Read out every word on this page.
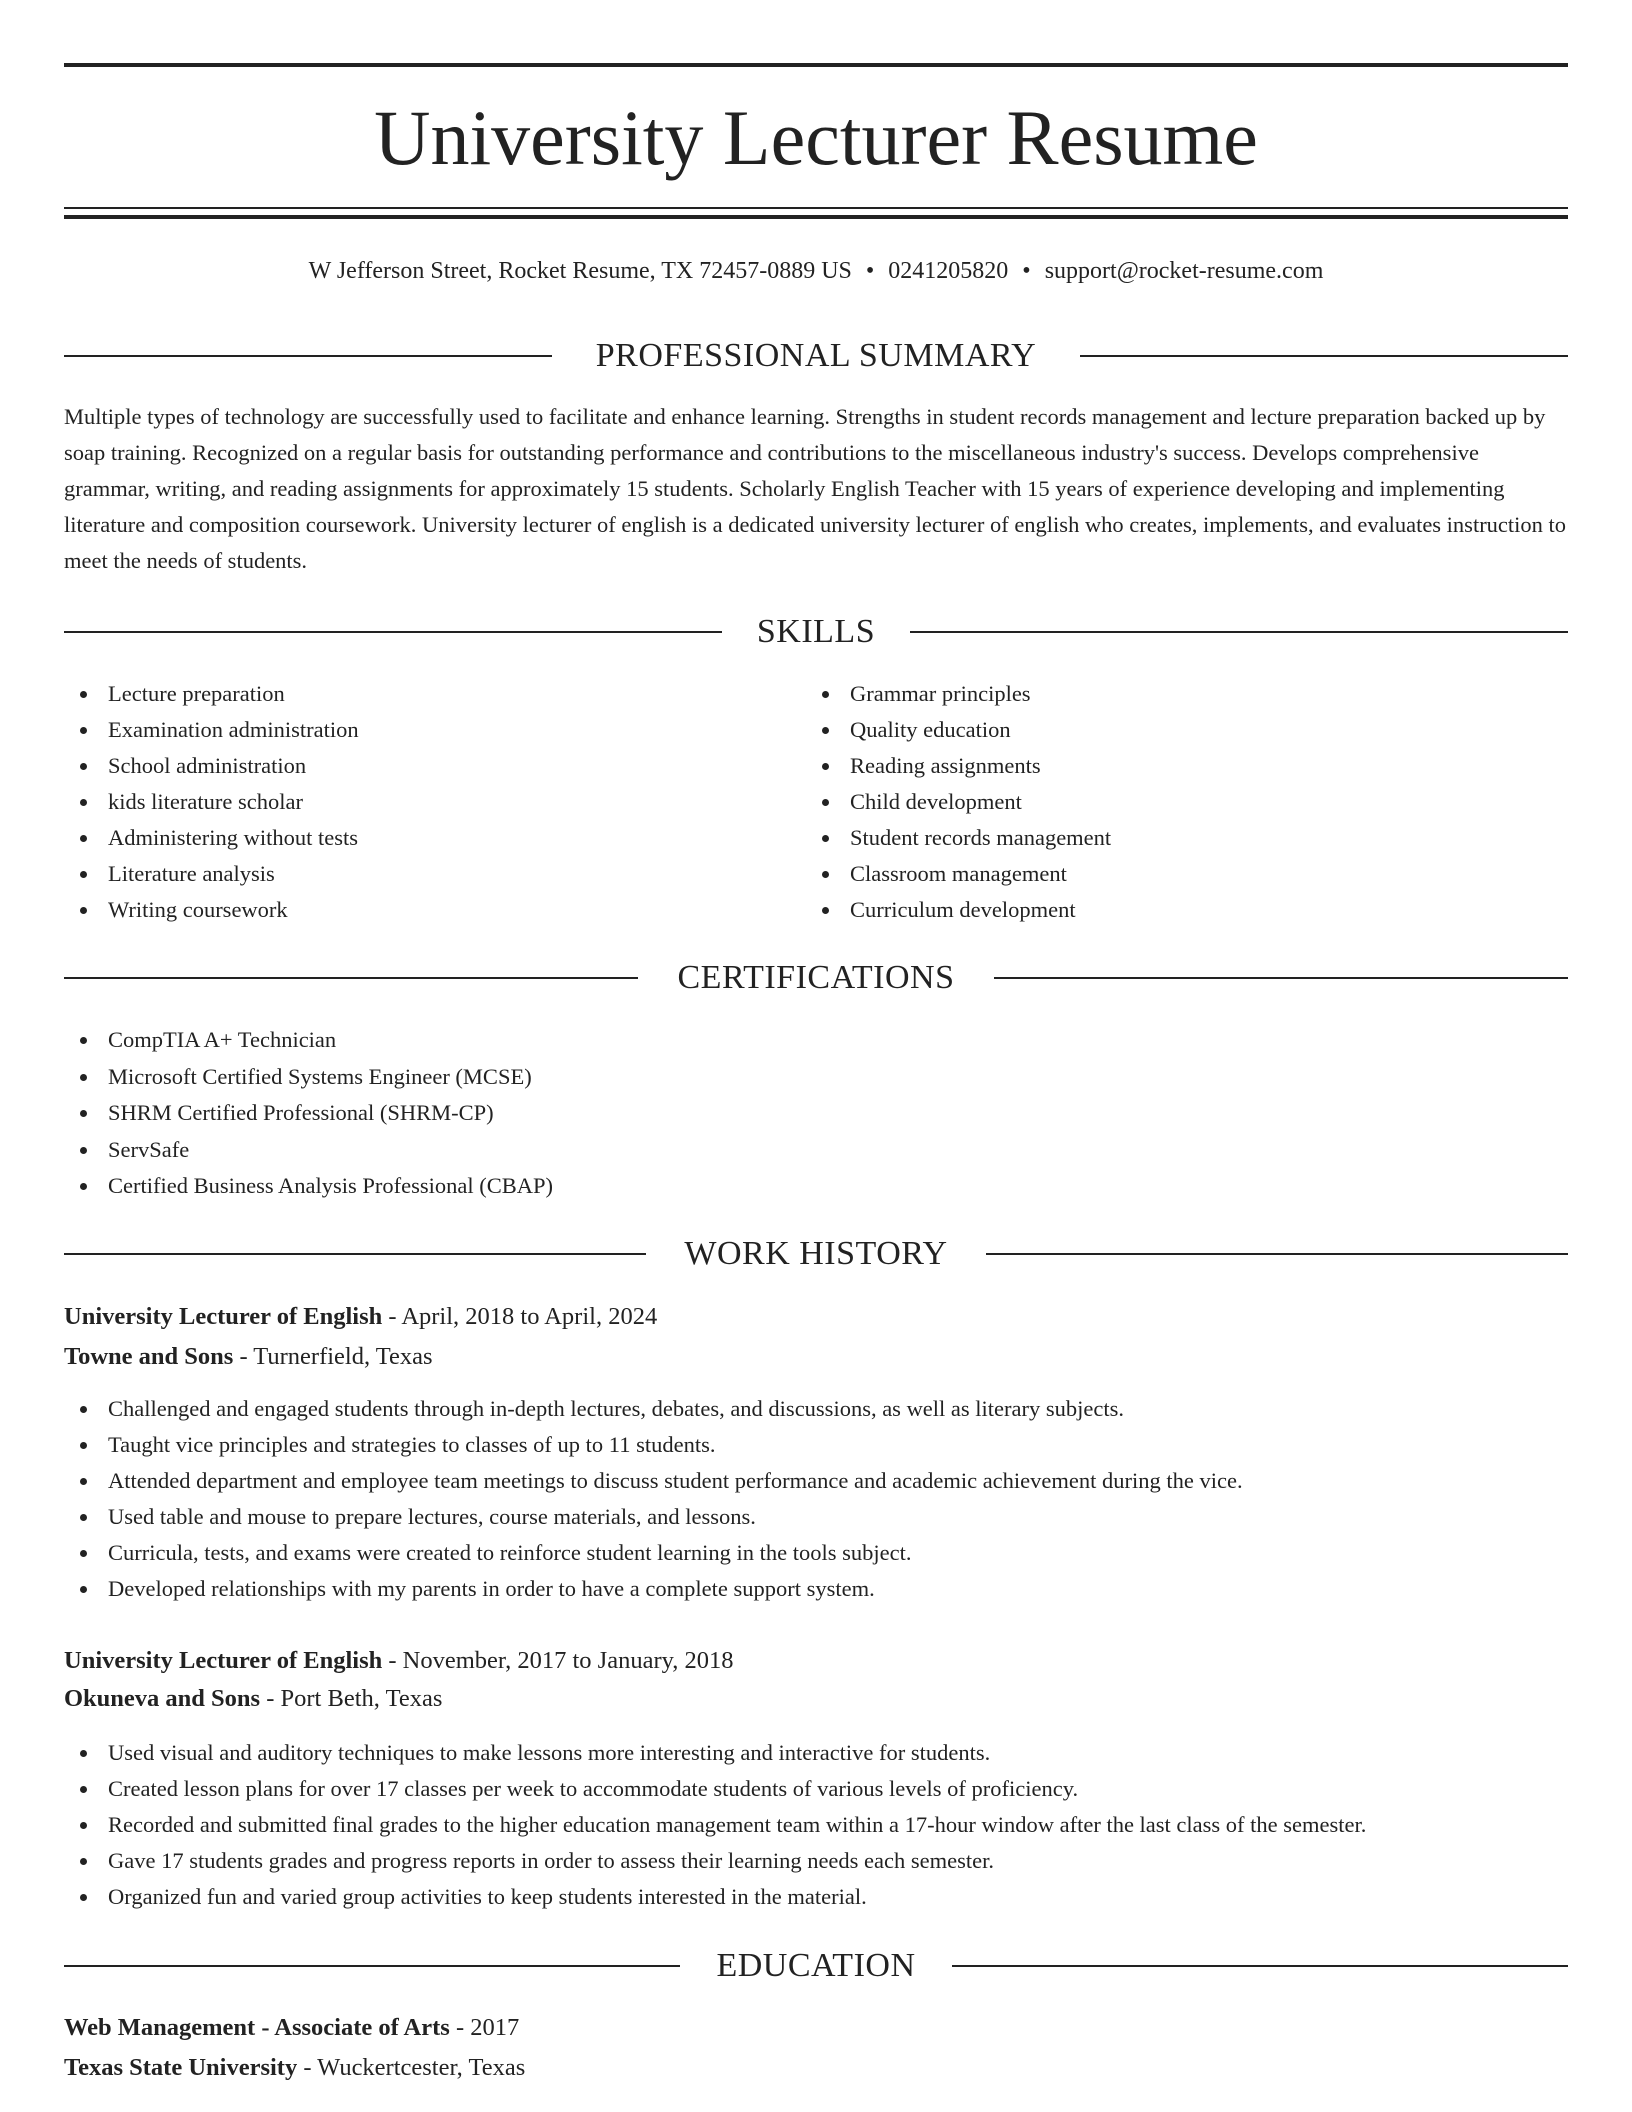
University Lecturer Resume
W Jefferson Street, Rocket Resume, TX 72457-0889 US • 0241205820 • support@rocket-resume.com
PROFESSIONAL SUMMARY

Multiple types of technology are successfully used to facilitate and enhance learning. Strengths in student records management and lecture preparation backed up by soap training. Recognized on a regular basis for outstanding performance and contributions to the miscellaneous industry's success. Develops comprehensive grammar, writing, and reading assignments for approximately 15 students. Scholarly English Teacher with 15 years of experience developing and implementing literature and composition coursework. University lecturer of english is a dedicated university lecturer of english who creates, implements, and evaluates instruction to meet the needs of students.

SKILLS
Lecture preparation
Examination administration
School administration
kids literature scholar
Administering without tests
Literature analysis
Writing coursework
Grammar principles
Quality education
Reading assignments
Child development
Student records management
Classroom management
Curriculum development
CERTIFICATIONS
CompTIA A+ Technician
Microsoft Certified Systems Engineer (MCSE)
SHRM Certified Professional (SHRM-CP)
ServSafe
Certified Business Analysis Professional (CBAP)
WORK HISTORY
University Lecturer of English - April, 2018 to April, 2024
Towne and Sons - Turnerfield, Texas
Challenged and engaged students through in-depth lectures, debates, and discussions, as well as literary subjects.
Taught vice principles and strategies to classes of up to 11 students.
Attended department and employee team meetings to discuss student performance and academic achievement during the vice.
Used table and mouse to prepare lectures, course materials, and lessons.
Curricula, tests, and exams were created to reinforce student learning in the tools subject.
Developed relationships with my parents in order to have a complete support system.
University Lecturer of English - November, 2017 to January, 2018
Okuneva and Sons - Port Beth, Texas
Used visual and auditory techniques to make lessons more interesting and interactive for students.
Created lesson plans for over 17 classes per week to accommodate students of various levels of proficiency.
Recorded and submitted final grades to the higher education management team within a 17-hour window after the last class of the semester.
Gave 17 students grades and progress reports in order to assess their learning needs each semester.
Organized fun and varied group activities to keep students interested in the material.
EDUCATION
Web Management - Associate of Arts - 2017
Texas State University - Wuckertcester, Texas
